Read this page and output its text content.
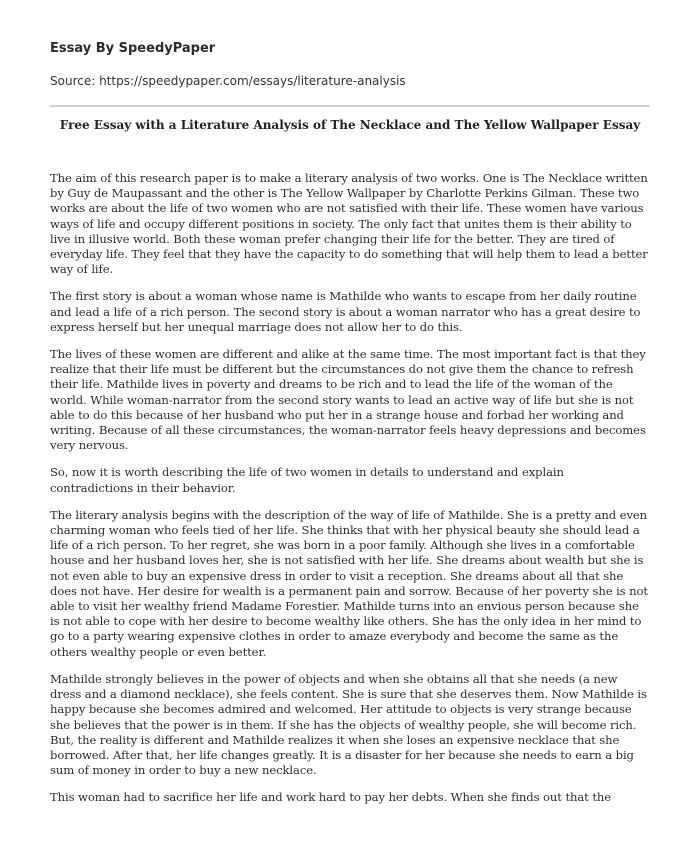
Essay By SpeedyPaper
Source: https://speedypaper.com/essays/literature-analysis
Free Essay with a Literature Analysis of The Necklace and The Yellow Wallpaper Essay

The aim of this research paper is to make a literary analysis of two works. One is The Necklace written by Guy de Maupassant and the other is The Yellow Wallpaper by Charlotte Perkins Gilman. These two works are about the life of two women who are not satisfied with their life. These women have various ways of life and occupy different positions in society. The only fact that unites them is their ability to live in illusive world. Both these woman prefer changing their life for the better. They are tired of everyday life. They feel that they have the capacity to do something that will help them to lead a better way of life.

The first story is about a woman whose name is Mathilde who wants to escape from her daily routine and lead a life of a rich person. The second story is about a woman narrator who has a great desire to express herself but her unequal marriage does not allow her to do this.

The lives of these women are different and alike at the same time. The most important fact is that they realize that their life must be different but the circumstances do not give them the chance to refresh their life. Mathilde lives in poverty and dreams to be rich and to lead the life of the woman of the world. While woman-narrator from the second story wants to lead an active way of life but she is not able to do this because of her husband who put her in a strange house and forbad her working and writing. Because of all these circumstances, the woman-narrator feels heavy depressions and becomes very nervous.

So, now it is worth describing the life of two women in details to understand and explain contradictions in their behavior.

The literary analysis begins with the description of the way of life of Mathilde. She is a pretty and even charming woman who feels tied of her life. She thinks that with her physical beauty she should lead a life of a rich person. To her regret, she was born in a poor family. Although she lives in a comfortable house and her husband loves her, she is not satisfied with her life. She dreams about wealth but she is not even able to buy an expensive dress in order to visit a reception. She dreams about all that she does not have. Her desire for wealth is a permanent pain and sorrow. Because of her poverty she is not able to visit her wealthy friend Madame Forestier. Mathilde turns into an envious person because she is not able to cope with her desire to become wealthy like others. She has the only idea in her mind to go to a party wearing expensive clothes in order to amaze everybody and become the same as the others wealthy people or even better.

Mathilde strongly believes in the power of objects and when she obtains all that she needs (a new dress and a diamond necklace), she feels content. She is sure that she deserves them. Now Mathilde is happy because she becomes admired and welcomed. Her attitude to objects is very strange because she believes that the power is in them. If she has the objects of wealthy people, she will become rich. But, the reality is different and Mathilde realizes it when she loses an expensive necklace that she borrowed. After that, her life changes greatly. It is a disaster for her because she needs to earn a big sum of money in order to buy a new necklace.

This woman had to sacrifice her life and work hard to pay her debts. When she finds out that the
